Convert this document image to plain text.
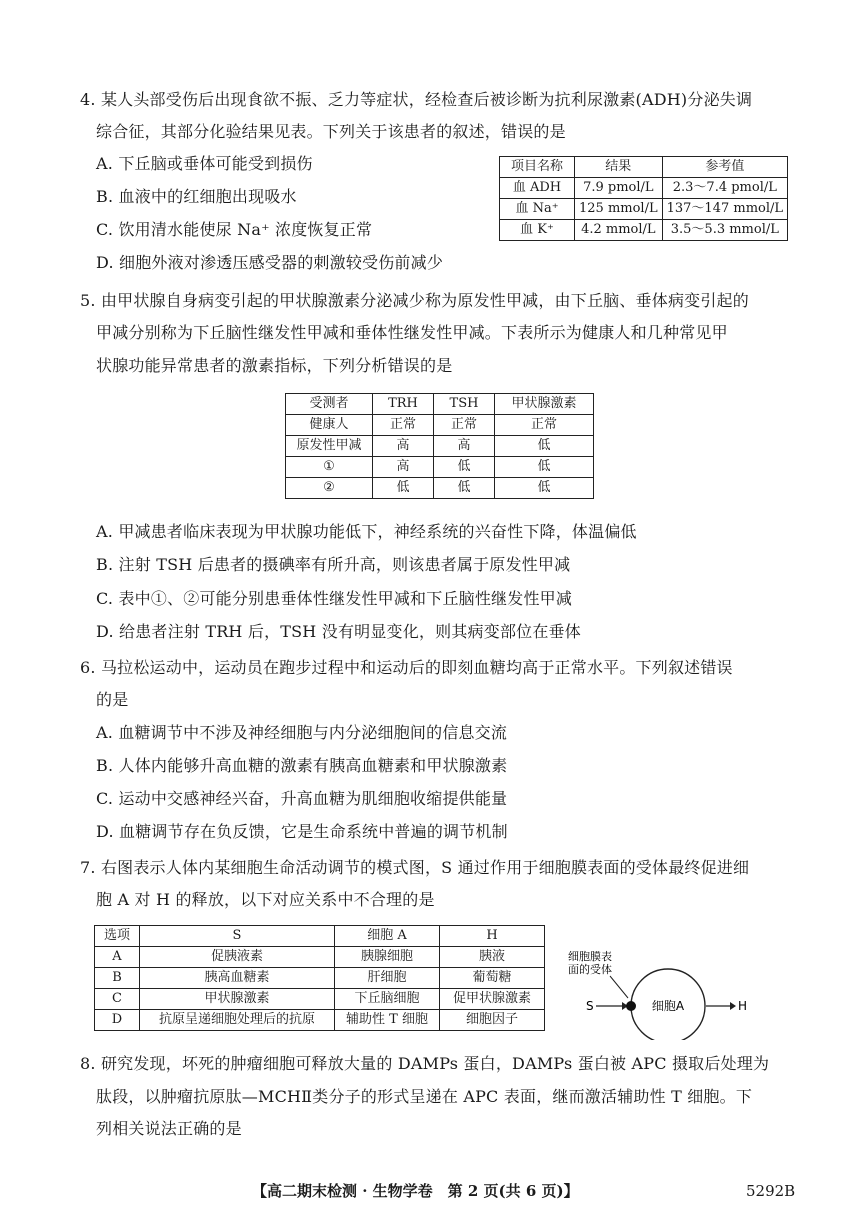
4. 某人头部受伤后出现食欲不振、乏力等症状，经检查后被诊断为抗利尿激素(ADH)分泌失调
综合征，其部分化验结果见表。下列关于该患者的叙述，错误的是
A. 下丘脑或垂体可能受到损伤
B. 血液中的红细胞出现吸水
C. 饮用清水能使尿 Na⁺ 浓度恢复正常
D. 细胞外液对渗透压感受器的刺激较受伤前减少
项目名称	结果	参考值
血 ADH	7.9 pmol/L	2.3～7.4 pmol/L
血 Na⁺	125 mmol/L	137～147 mmol/L
血 K⁺	4.2 mmol/L	3.5～5.3 mmol/L
5. 由甲状腺自身病变引起的甲状腺激素分泌减少称为原发性甲减，由下丘脑、垂体病变引起的
甲减分别称为下丘脑性继发性甲减和垂体性继发性甲减。下表所示为健康人和几种常见甲
状腺功能异常患者的激素指标，下列分析错误的是
受测者	TRH	TSH	甲状腺激素
健康人	正常	正常	正常
原发性甲减	高	高	低
①	高	低	低
②	低	低	低
A. 甲减患者临床表现为甲状腺功能低下，神经系统的兴奋性下降，体温偏低
B. 注射 TSH 后患者的摄碘率有所升高，则该患者属于原发性甲减
C. 表中①、②可能分别患垂体性继发性甲减和下丘脑性继发性甲减
D. 给患者注射 TRH 后，TSH 没有明显变化，则其病变部位在垂体
6. 马拉松运动中，运动员在跑步过程中和运动后的即刻血糖均高于正常水平。下列叙述错误
的是
A. 血糖调节中不涉及神经细胞与内分泌细胞间的信息交流
B. 人体内能够升高血糖的激素有胰高血糖素和甲状腺激素
C. 运动中交感神经兴奋，升高血糖为肌细胞收缩提供能量
D. 血糖调节存在负反馈，它是生命系统中普遍的调节机制
7. 右图表示人体内某细胞生命活动调节的模式图，S 通过作用于细胞膜表面的受体最终促进细
胞 A 对 H 的释放，以下对应关系中不合理的是
选项	S	细胞 A	H
A	促胰液素	胰腺细胞	胰液
B	胰高血糖素	肝细胞	葡萄糖
C	甲状腺激素	下丘脑细胞	促甲状腺激素
D	抗原呈递细胞处理后的抗原	辅助性 T 细胞	细胞因子
细胞膜表
面的受体
S	细胞A	H
8. 研究发现，坏死的肿瘤细胞可释放大量的 DAMPs 蛋白，DAMPs 蛋白被 APC 摄取后处理为
肽段，以肿瘤抗原肽—MCHⅡ类分子的形式呈递在 APC 表面，继而激活辅助性 T 细胞。下
列相关说法正确的是
【高二期末检测 · 生物学卷　第 2 页(共 6 页)】	5292B
